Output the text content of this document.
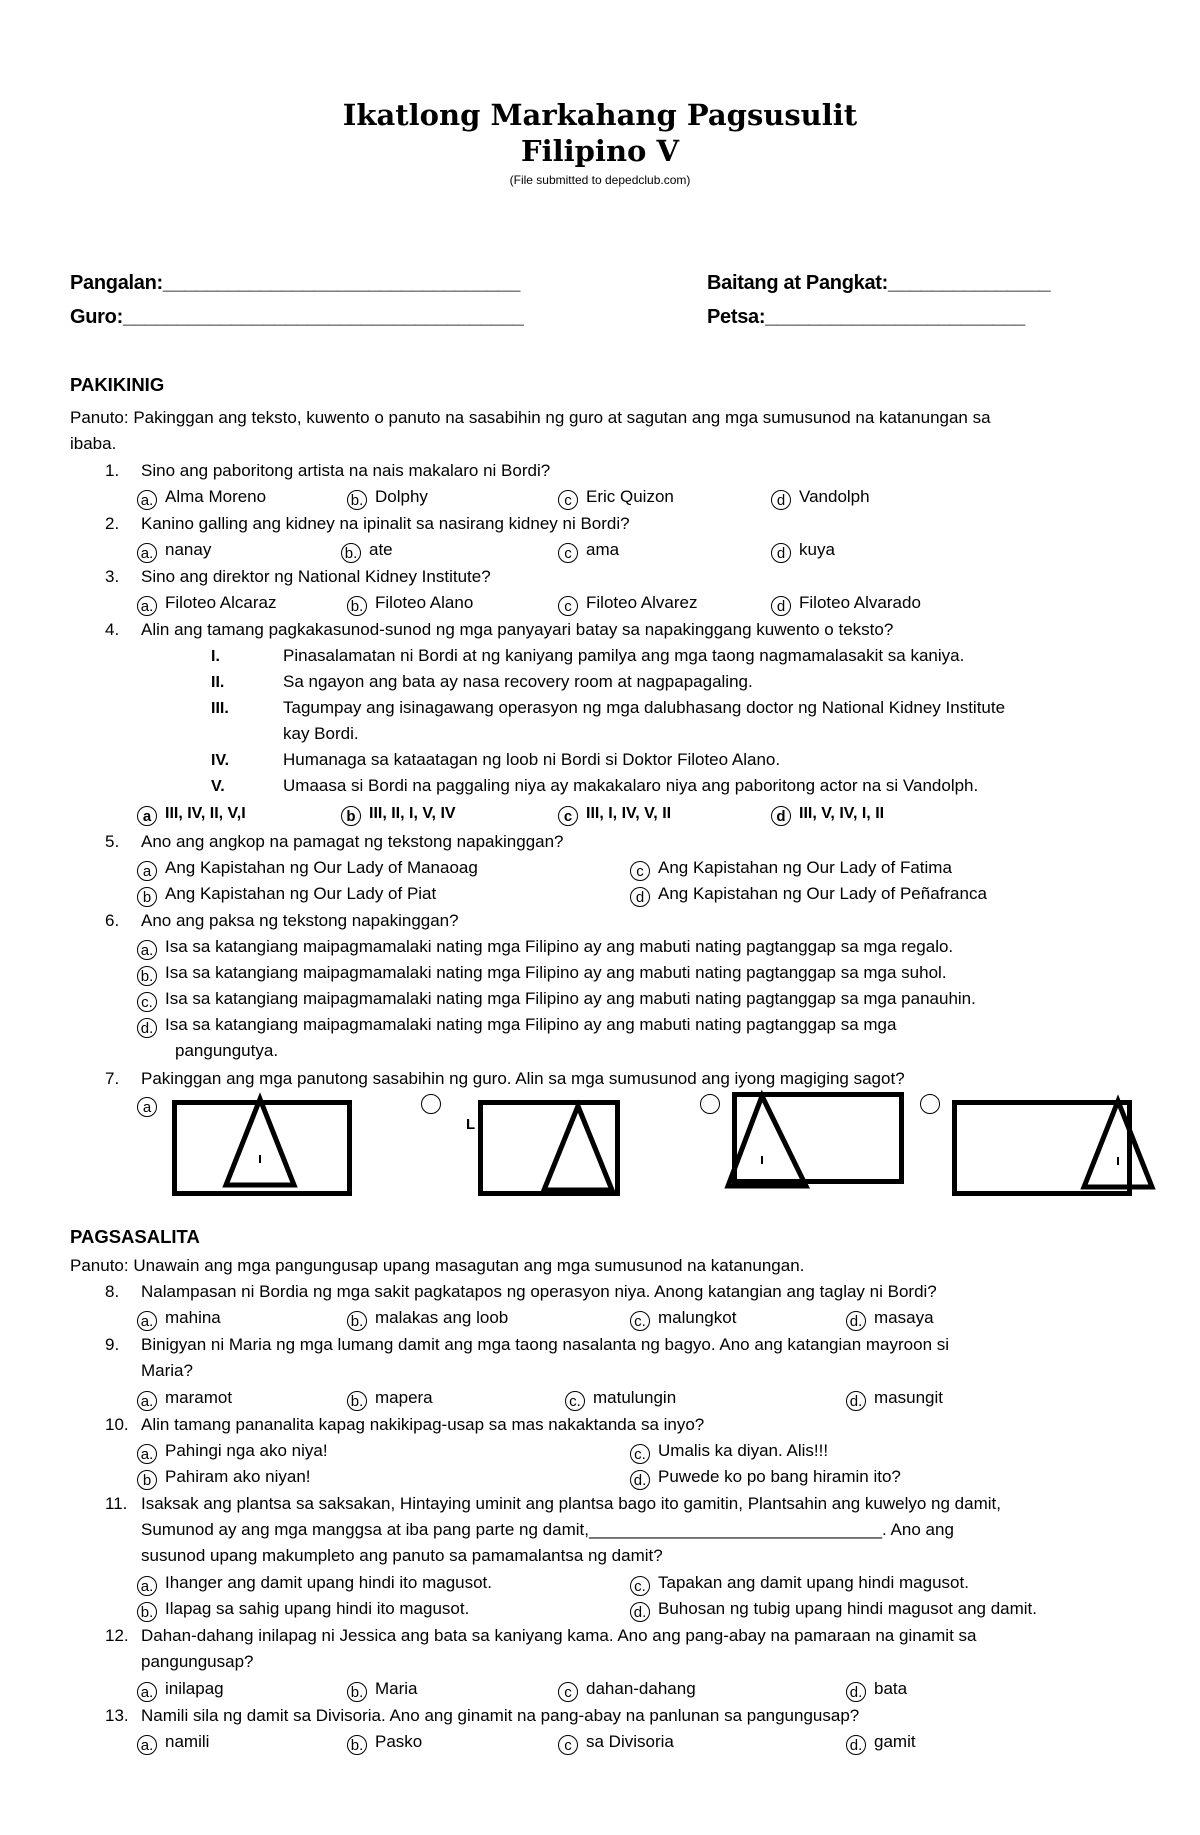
Ikatlong Markahang Pagsusulit
Filipino V
(File submitted to depedclub.com)
Pangalan:_________________________________
Guro:_____________________________________
Baitang at Pangkat:_______________
Petsa:________________________
PAKIKINIG
Panuto: Pakinggan ang teksto, kuwento o panuto na sasabihin ng guro at sagutan ang mga sumusunod na katanungan sa
ibaba.
1. Sino ang paboritong artista na nais makalaro ni Bordi?
a. Alma Moreno	b. Dolphy	c Eric Quizon	d Vandolph
2. Kanino galling ang kidney na ipinalit sa nasirang kidney ni Bordi?
a. nanay	b. ate	c ama	d kuya
3. Sino ang direktor ng National Kidney Institute?
a. Filoteo Alcaraz	b. Filoteo Alano	c Filoteo Alvarez	d Filoteo Alvarado
4. Alin ang tamang pagkakasunod-sunod ng mga panyayari batay sa napakinggang kuwento o teksto?
I.	Pinasalamatan ni Bordi at ng kaniyang pamilya ang mga taong nagmamalasakit sa kaniya.
II.	Sa ngayon ang bata ay nasa recovery room at nagpapagaling.
III.	Tagumpay ang isinagawang operasyon ng mga dalubhasang doctor ng National Kidney Institute
kay Bordi.
IV.	Humanaga sa kataatagan ng loob ni Bordi si Doktor Filoteo Alano.
V.	Umaasa si Bordi na paggaling niya ay makakalaro niya ang paboritong actor na si Vandolph.
a III, IV, II, V,I	b III, II, I, V, IV	c III, I, IV, V, II	d III, V, IV, I, II
5. Ano ang angkop na pamagat ng tekstong napakinggan?
a Ang Kapistahan ng Our Lady of Manaoag
b Ang Kapistahan ng Our Lady of Piat
c Ang Kapistahan ng Our Lady of Fatima
d Ang Kapistahan ng Our Lady of Peñafranca
6. Ano ang paksa ng tekstong napakinggan?
a. Isa sa katangiang maipagmamalaki nating mga Filipino ay ang mabuti nating pagtanggap sa mga regalo.
b. Isa sa katangiang maipagmamalaki nating mga Filipino ay ang mabuti nating pagtanggap sa mga suhol.
c. Isa sa katangiang maipagmamalaki nating mga Filipino ay ang mabuti nating pagtanggap sa mga panauhin.
d. Isa sa katangiang maipagmamalaki nating mga Filipino ay ang mabuti nating pagtanggap sa mga
pangungutya.
7. Pakinggan ang mga panutong sasabihin ng guro. Alin sa mga sumusunod ang iyong magiging sagot?
a
L
PAGSASALITA
Panuto: Unawain ang mga pangungusap upang masagutan ang mga sumusunod na katanungan.
8. Nalampasan ni Bordia ng mga sakit pagkatapos ng operasyon niya. Anong katangian ang taglay ni Bordi?
a. mahina	b. malakas ang loob	c. malungkot	d. masaya
9. Binigyan ni Maria ng mga lumang damit ang mga taong nasalanta ng bagyo. Ano ang katangian mayroon si
Maria?
a. maramot	b. mapera	c. matulungin	d. masungit
10. Alin tamang pananalita kapag nakikipag-usap sa mas nakaktanda sa inyo?
a. Pahingi nga ako niya!
b Pahiram ako niyan!
c. Umalis ka diyan. Alis!!!
d. Puwede ko po bang hiramin ito?
11. Isaksak ang plantsa sa saksakan, Hintaying uminit ang plantsa bago ito gamitin, Plantsahin ang kuwelyo ng damit,
Sumunod ay ang mga manggsa at iba pang parte ng damit,_______________________________. Ano ang
susunod upang makumpleto ang panuto sa pamamalantsa ng damit?
a. Ihanger ang damit upang hindi ito magusot.
b. Ilapag sa sahig upang hindi ito magusot.
c. Tapakan ang damit upang hindi magusot.
d. Buhosan ng tubig upang hindi magusot ang damit.
12. Dahan-dahang inilapag ni Jessica ang bata sa kaniyang kama. Ano ang pang-abay na pamaraan na ginamit sa
pangungusap?
a. inilapag	b. Maria	c dahan-dahang	d. bata
13. Namili sila ng damit sa Divisoria. Ano ang ginamit na pang-abay na panlunan sa pangungusap?
a. namili	b. Pasko	c sa Divisoria	d. gamit
